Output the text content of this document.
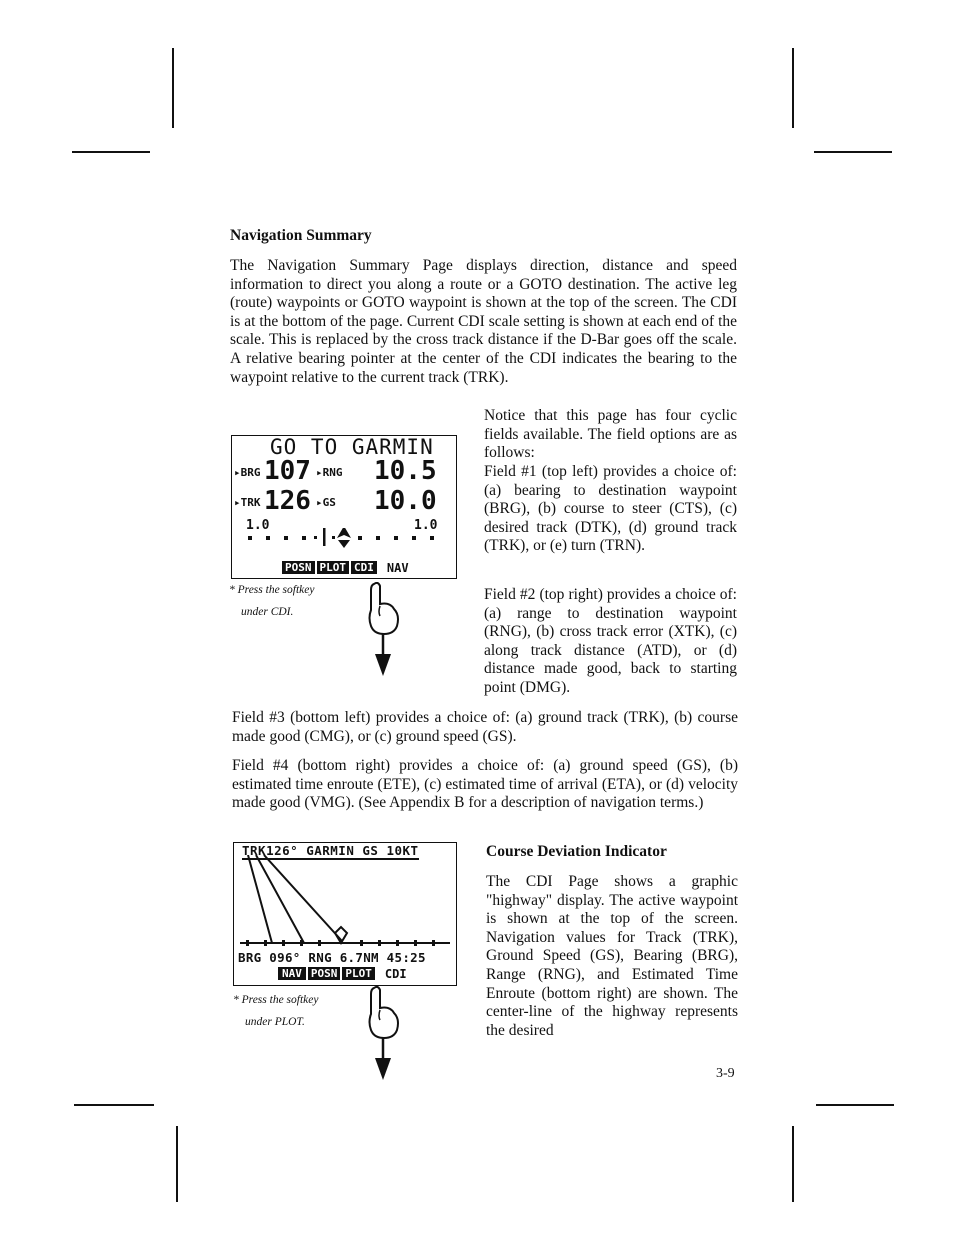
Navigation Summary

The Navigation Summary Page displays direction, distance and speed information to direct you along a route or a GOTO destination. The active leg (route) waypoints or GOTO waypoint is shown at the top of the screen. The CDI is at the bottom of the page. Current CDI scale setting is shown at each end of the scale. This is replaced by the cross track distance if the D-Bar goes off the scale. A relative bearing pointer at the center of the CDI indicates the bearing to the waypoint relative to the current track (TRK).

Notice that this page has four cyclic fields available. The field options are as follows:

Field #1 (top left) provides a choice of: (a) bearing to destination waypoint (BRG), (b) course to steer (CTS), (c) desired track (DTK), (d) ground track (TRK), or (e) turn (TRN).

Field #2 (top right) provides a choice of: (a) range to destination waypoint (RNG), (b) cross track error (XTK), (c) along track distance (ATD), or (d) distance made good, back to starting point (DMG).

GO TO GARMIN
▸BRG 107 ▸RNG 10.5
▸TRK 126 ▸GS 10.0
1.0	1.0
POSN PLOT CDI NAV
* Press the softkey
under CDI.

Field #3 (bottom left) provides a choice of: (a) ground track (TRK), (b) course made good (CMG), or (c) ground speed (GS).

Field #4 (bottom right) provides a choice of: (a) ground speed (GS), (b) estimated time enroute (ETE), (c) estimated time of arrival (ETA), or (d) velocity made good (VMG). (See Appendix B for a description of navigation terms.)

TRK126° GARMIN GS 10KT
BRG 096° RNG 6.7NM 45:25
NAV POSN PLOT CDI
* Press the softkey
under PLOT.
Course Deviation Indicator

The CDI Page shows a graphic "highway" display. The active waypoint is shown at the top of the screen. Navigation values for Track (TRK), Ground Speed (GS), Bearing (BRG), Range (RNG), and Estimated Time Enroute (bottom right) are shown. The center-line of the highway represents the desired

3-9
